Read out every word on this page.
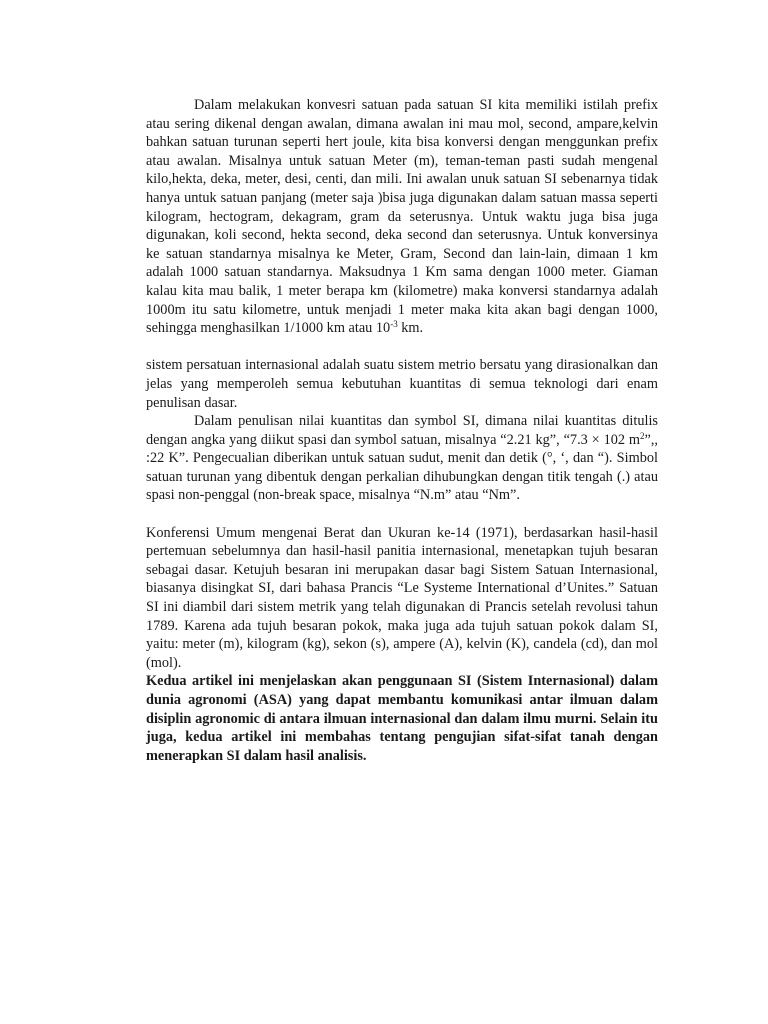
Dalam melakukan konvesri satuan pada satuan SI kita memiliki istilah prefix atau sering dikenal dengan awalan, dimana awalan ini mau mol, second, ampare,kelvin bahkan satuan turunan seperti hert joule, kita bisa konversi dengan menggunkan prefix atau awalan. Misalnya untuk satuan Meter (m), teman-teman pasti sudah mengenal kilo,hekta, deka, meter, desi, centi, dan mili. Ini awalan unuk satuan SI sebenarnya tidak hanya untuk satuan panjang (meter saja )bisa juga digunakan dalam satuan massa seperti kilogram, hectogram, dekagram, gram da seterusnya. Untuk waktu juga bisa juga digunakan, koli second, hekta second, deka second dan seterusnya. Untuk konversinya ke satuan standarnya misalnya ke Meter, Gram, Second dan lain-lain, dimaan 1 km adalah 1000 satuan standarnya. Maksudnya 1 Km sama dengan 1000 meter. Giaman kalau kita mau balik, 1 meter berapa km (kilometre) maka konversi standarnya adalah 1000m itu satu kilometre, untuk menjadi 1 meter maka kita akan bagi dengan 1000, sehingga menghasilkan 1/1000 km atau $10^{-3}$ km.

sistem persatuan internasional adalah suatu sistem metrio bersatu yang dirasionalkan dan jelas yang memperoleh semua kebutuhan kuantitas di semua teknologi dari enam penulisan dasar.

Dalam penulisan nilai kuantitas dan symbol SI, dimana nilai kuantitas ditulis dengan angka yang diikut spasi dan symbol satuan, misalnya “2.21 kg”, “7.3 × 102 $m^2$”,, :22 K”. Pengecualian diberikan untuk satuan sudut, menit dan detik (°, ‘, dan “). Simbol satuan turunan yang dibentuk dengan perkalian dihubungkan dengan titik tengah (.) atau spasi non-penggal (non-break space, misalnya “N.m” atau “Nm”.

Konferensi Umum mengenai Berat dan Ukuran ke-14 (1971), berdasarkan hasil-hasil pertemuan sebelumnya dan hasil-hasil panitia internasional, menetapkan tujuh besaran sebagai dasar. Ketujuh besaran ini merupakan dasar bagi Sistem Satuan Internasional, biasanya disingkat SI, dari bahasa Prancis “Le Systeme International d’Unites.” Satuan SI ini diambil dari sistem metrik yang telah digunakan di Prancis setelah revolusi tahun 1789. Karena ada tujuh besaran pokok, maka juga ada tujuh satuan pokok dalam SI, yaitu: meter (m), kilogram (kg), sekon (s), ampere (A), kelvin (K), candela (cd), dan mol (mol).

Kedua artikel ini menjelaskan akan penggunaan SI (Sistem Internasional) dalam dunia agronomi (ASA) yang dapat membantu komunikasi antar ilmuan dalam disiplin agronomic di antara ilmuan internasional dan dalam ilmu murni. Selain itu juga, kedua artikel ini membahas tentang pengujian sifat-sifat tanah dengan menerapkan SI dalam hasil analisis.
